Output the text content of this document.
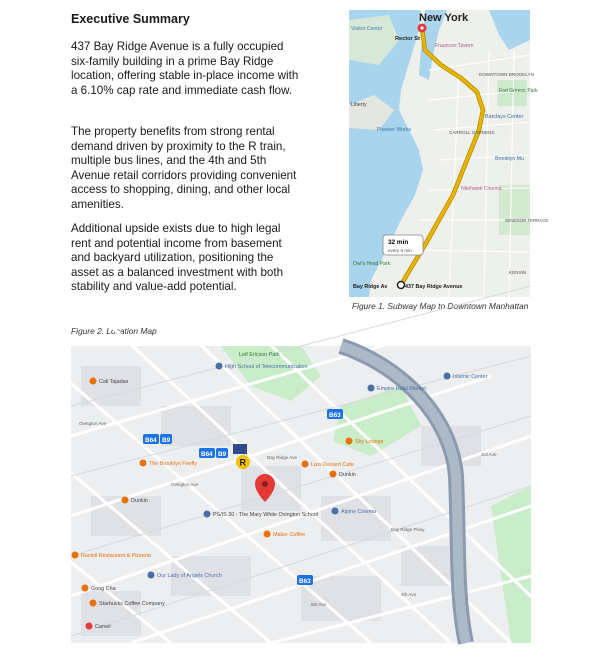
Executive Summary

437 Bay Ridge Avenue is a fully occupied six-family building in a prime Bay Ridge location, offering stable in-place income with a 6.10% cap rate and immediate cash flow.

The property benefits from strong rental demand driven by proximity to the R train, multiple bus lines, and the 4th and 5th Avenue retail corridors providing convenient access to shopping, dining, and other local amenities.

Additional upside exists due to high legal rent and potential income from basement and backyard utilization, positioning the asset as a balanced investment with both stability and value-add potential.

32 min
every 8 min
New York
Rector St
Fraunces Tavern
Visitor Center
Liberty
Pioneer Works
DOWNTOWN BROOKLYN
Fort Greene Park
Barclays Center
CARROLL GARDENS
Brooklyn Mu
Nitehawk Cinema
WINDSOR TERRACE
KENSIN
Owl's Head Park
Bay Ridge Av	437 Bay Ridge Avenue
Figure 1. Subway Map to Downtown Manhattan
Figure 2. Location Map
R
B64 B9
B64 B9
B63
B63
Cali Tajadas
High School of Telecommunication
Leif Ericson Park
Empire Halal Market
Islamic Center
Sky Lounge
The Brooklyn Firefly	Liza Dessert Cafe
Dunkin
Dunkin
PS/IS 30 - The Mary White Ovington School	Alpine Cinema
Maker Coffee
Ravioli Restaurant & Pizzeria
Gong Cha
Starbucks Coffee Company
Carvel
Our Lady of Angels Church
Bay Ridge Ave
Ovington Ave
Ovington Ave
Bay Ridge Pkwy
4th Ave
5th Ave
3rd Ave
